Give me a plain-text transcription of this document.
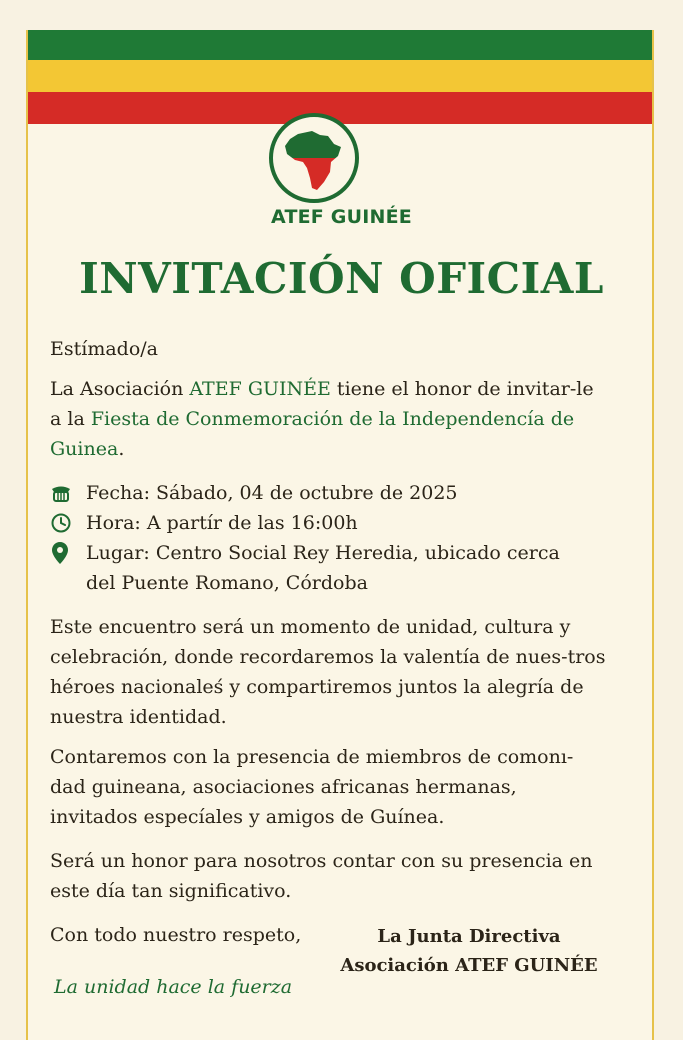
ATEF GUINÉE
INVITACIÓN OFICIAL
Estímado/a
La Asociación ATEF GUINÉE tiene el honor de invitar-le a la Fiesta de Conmemoración de la Independencía de Guinea.
Fecha: Sábado, 04 de octubre de 2025
Hora: A partír de las 16:00h
Lugar: Centro Social Rey Heredia, ubicado cerca del Puente Romano, Córdoba
Este encuentro será un momento de unidad, cultura y celebración, donde recordaremos la valentía de nues-tros héroes nacionaleś y compartiremos juntos la alegría de nuestra identidad.
Contaremos con la presencia de miembros de comonı-dad guineana, asociaciones africanas hermanas, invitados especíales y amigos de Guínea.
Será un honor para nosotros contar con su presencia en este día tan significativo.
Con todo nuestro respeto,
La unidad hace la fuerza
La Junta Directiva
Asociación ATEF GUINÉE
